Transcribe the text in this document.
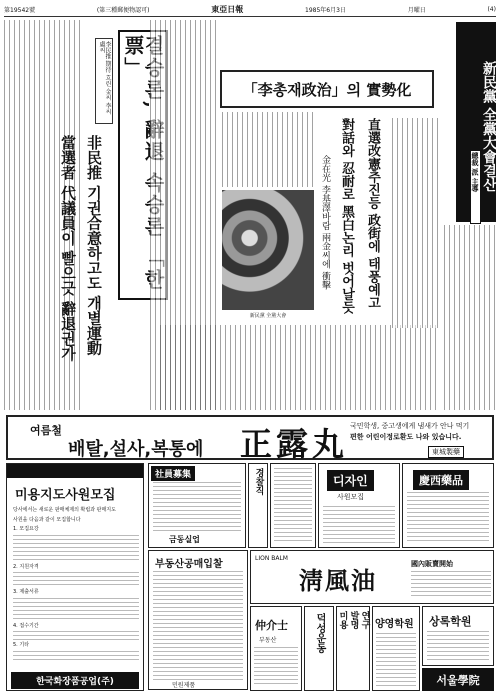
第19542號	(第三種郵便物認可)	東亞日報	1985年6月3日	月曜日	(4)
李民推 期待 흐린 金씨 李씨 盧씨 票」
非民推 기권合意하고도 개별運動
當選者 代議員이 빨으긋 辭退권가
「李총재政治」의 實勢化
直選改憲추진등 政街에 태풍예고
對話와 忍耐로 黑白논리 벗어날듯
金在光 李基澤바람 兩金씨에 衝擊
新民黨 全黨大會
新民黨 全黨大會결산
總裁 派 主導
여름철
배탈,설사,복통에 正露丸 국민학생, 중고생에게 냄새가 안나 먹기
편한 어린이정로환도 나와 있습니다.
東城製藥
미용지도사원모집
당사에서는 새로운 판매체제의 확립과 판매지도
사원을 다음과 같이 모집합니다
1. 모집요강
2. 지원자격
3. 제출서류
4. 접수기간
5. 기타
한국화장품공업(주)
社員募集
금동실업
경찰직	디자인
사원모집
慶西藥品
부동산공매입찰
LION BALM
淸風油
國內販賣開始
仲介士
부동산	덕성운동 미용 발명 연구 양영학원 상록학원
서울學院
민원제품
